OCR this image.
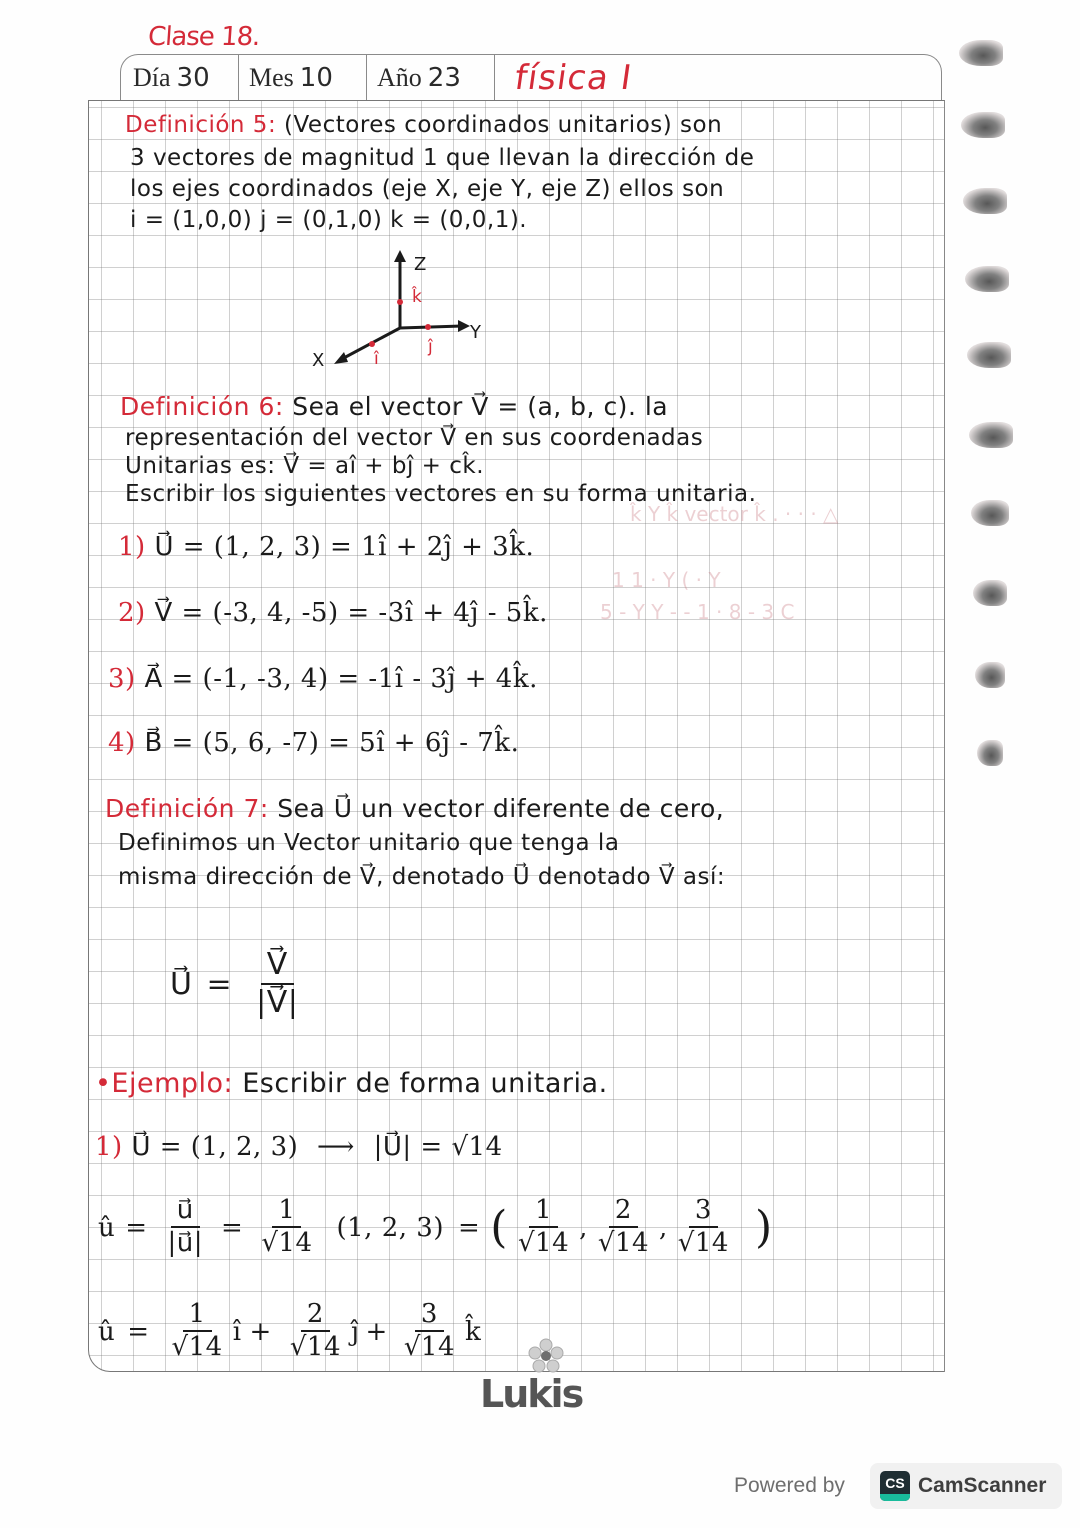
Clase 18.
Día 30 Mes 10 Año 23 física I
k̂ Y k̂ vector k̂ . · · · △
1 1 · Y ( · Y
5 - Y Y - - 1 · 8 - 3 C
Definición 5: (Vectores coordinados unitarios) son
3 vectores de magnitud 1 que llevan la dirección de
los ejes coordinados (eje X, eje Y, eje Z) ellos son
i = (1,0,0) j = (0,1,0) k = (0,0,1).
Z
Y
X
k̂
ĵ
î
Definición 6: Sea el vector V⃗ = (a, b, c). la
representación del vector V⃗ en sus coordenadas
Unitarias es: V⃗ = aî + bĵ + ck̂.
Escribir los siguientes vectores en su forma unitaria.
1) U⃗ = (1, 2, 3) = 1î + 2ĵ + 3k̂.
2) V⃗ = (-3, 4, -5) = -3î + 4ĵ - 5k̂.
3) A⃗ = (-1, -3, 4) = -1î - 3ĵ + 4k̂.
4) B⃗ = (5, 6, -7) = 5î + 6ĵ - 7k̂.
Definición 7: Sea U⃗ un vector diferente de cero,
Definimos un Vector unitario que tenga la
misma dirección de V⃗, denotado U⃗ denotado V⃗ así:
U⃗ = $\frac{V⃗}{|V⃗|}$
•Ejemplo: Escribir de forma unitaria.
1) U⃗ = (1, 2, 3) ⟶ |U⃗| = √14
û = $\frac{u⃗}{|u⃗|} = \frac{1}{√14} (1$, 2, 3) = ( $\frac{1}{√14}$ , $\frac{2}{√14}$ , $\frac{3}{√14}$ )
û = $\frac{1}{√14}$ î + $\frac{2}{√14}$ ĵ + $\frac{3}{√14}$ k̂
Lukis
Powered by	CS CamScanner
